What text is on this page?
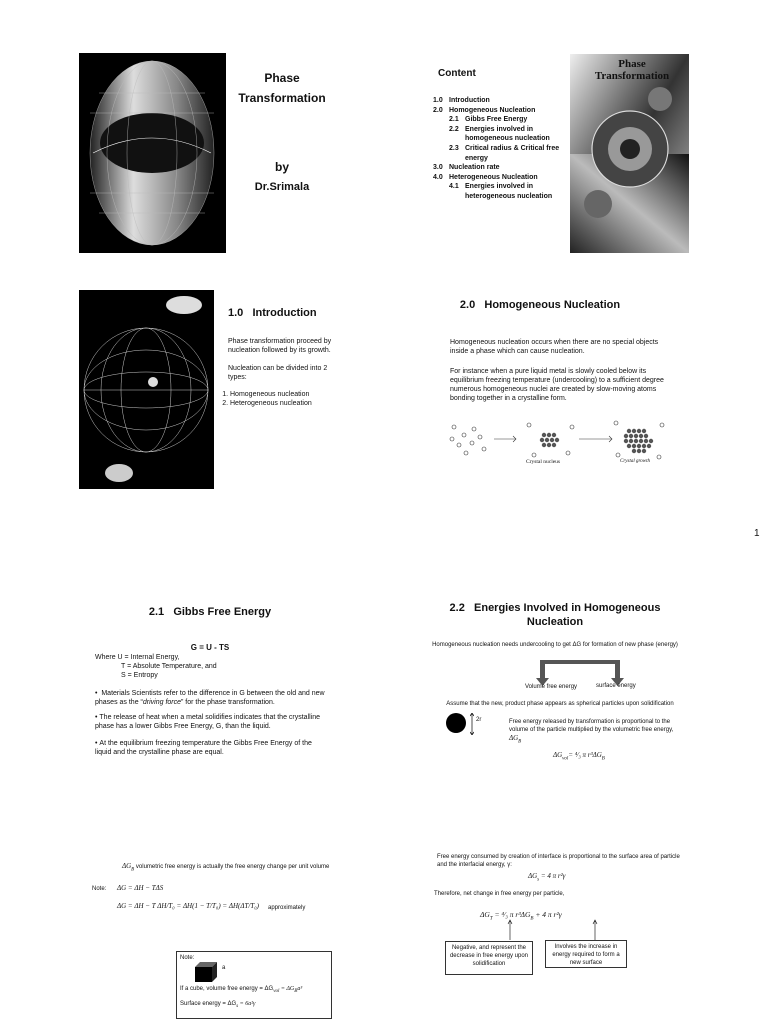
Phase
Transformation
by
Dr.Srimala
Content
1.0 Introduction
2.0 Homogeneous Nucleation
2.1 Gibbs Free Energy
2.2 Energies involved in homogeneous nucleation
2.3 Critical radius & Critical free energy
3.0 Nucleation rate
4.0 Heterogeneous Nucleation
4.1 Energies involved in heterogeneous nucleation
Phase Transformation
1.0   Introduction
Phase transformation proceed by nucleation followed by its growth.
Nucleation can be divided into 2 types:
1. Homogeneous nucleation
2. Heterogeneous nucleation
2.0   Homogeneous Nucleation
Homogeneous nucleation occurs when there are no special objects inside a phase which can cause nucleation.
For instance when a pure liquid metal is slowly cooled below its equilibrium freezing temperature (undercooling) to a sufficient degree numerous homogeneous nuclei are created by slow-moving atoms bonding together in a crystalline form.
Crystal nucleus	Crystal growth
1
2.1   Gibbs Free Energy
G = U - TS
Where U = Internal Energy,
T = Absolute Temperature, and
S = Entropy
•  Materials Scientists refer to the difference in G between the old and new phases as the “driving force” for the phase transformation.
• The release of heat when a metal solidifies indicates that the crystalline phase has a lower Gibbs Free Energy, G, than the liquid.
• At the equilibrium freezing temperature the Gibbs Free Energy of the liquid and the crystalline phase are equal.
2.2   Energies Involved in Homogeneous
Nucleation
Homogeneous nucleation needs undercooling to get ΔG for formation of new phase (energy)
Volume free energy	surface energy
Assume that the new, product phase appears as spherical particles upon solidification
2r	Free energy released by transformation is proportional to the volume of the particle multiplied by the volumetric free energy, $\Delta G_B$
$\Delta G_{vol}=$ ⁴⁄₃ π $r^3\Delta G_B$
$\Delta G_B$ volumetric free energy is actually the free energy change per unit volume
Note: ΔG = ΔH − TΔS
ΔG = ΔH − T ΔH/T₀ = ΔH(1 − T/T₀) = ΔH(ΔT/T₀) approximately
Note:
a
If a cube, volume free energy = $\Delta G_{vol} = \Delta G_Ba^3$
Surface energy = $\Delta G_s = 6a^2\gamma$
Free energy consumed by creation of interface is proportional to the surface area of particle and the interfacial energy, γ:
$\Delta G_s = 4$ π r²γ
Therefore, net change in free energy per particle,
$\Delta G_T$ = ⁴⁄₃ π $r^3\Delta G_B + 4$ π r²γ
Negative, and represent the decrease in free energy upon solidification
Involves the increase in energy required to form a new surface
